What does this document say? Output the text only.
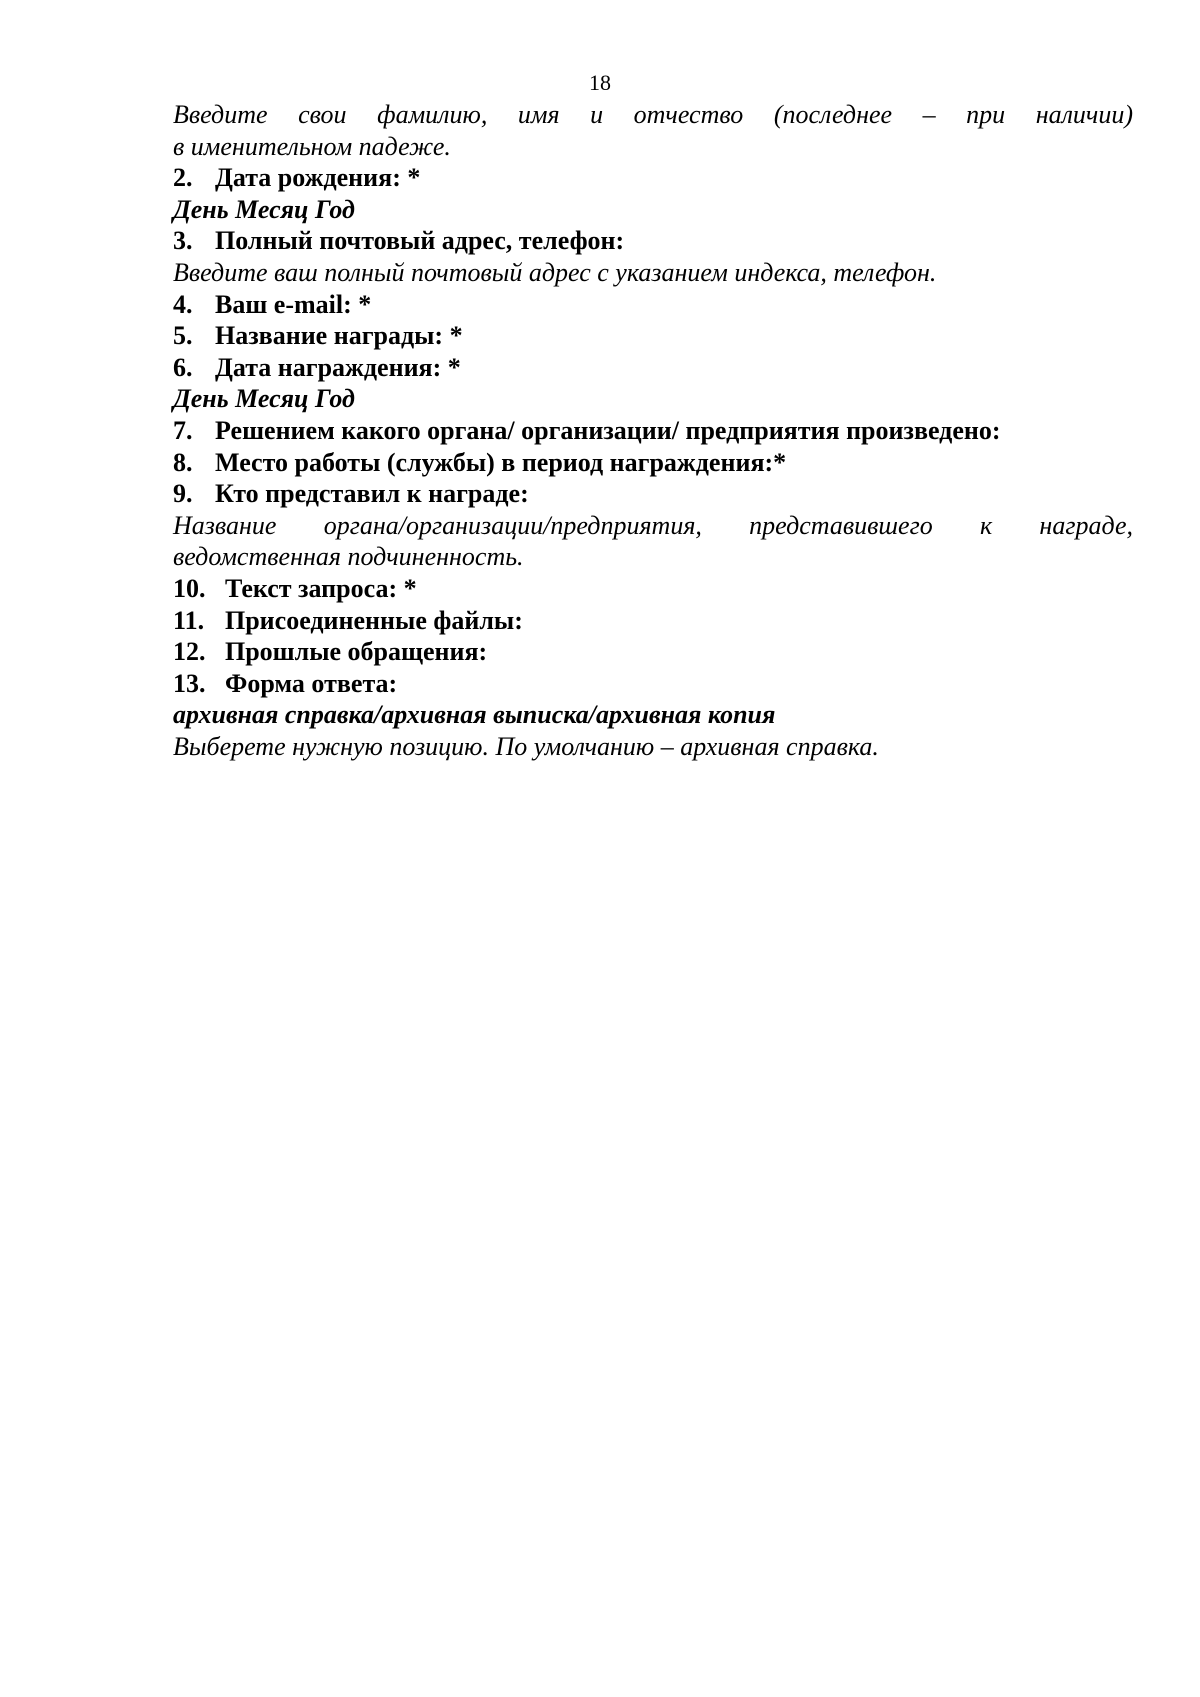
18
Введите свои фамилию, имя и отчество (последнее – при наличии)
в именительном падеже.
2. Дата рождения: *
День Месяц Год
3. Полный почтовый адрес, телефон:
Введите ваш полный почтовый адрес с указанием индекса, телефон.
4. Ваш e-mail: *
5. Название награды: *
6. Дата награждения: *
День Месяц Год
7. Решением какого органа/ организации/ предприятия произведено:
8. Место работы (службы) в период награждения:*
9. Кто представил к награде:
Название органа/организации/предприятия, представившего к награде,
ведомственная подчиненность.
10. Текст запроса: *
11. Присоединенные файлы:
12. Прошлые обращения:
13. Форма ответа:
архивная справка/архивная выписка/архивная копия
Выберете нужную позицию. По умолчанию – архивная справка.
